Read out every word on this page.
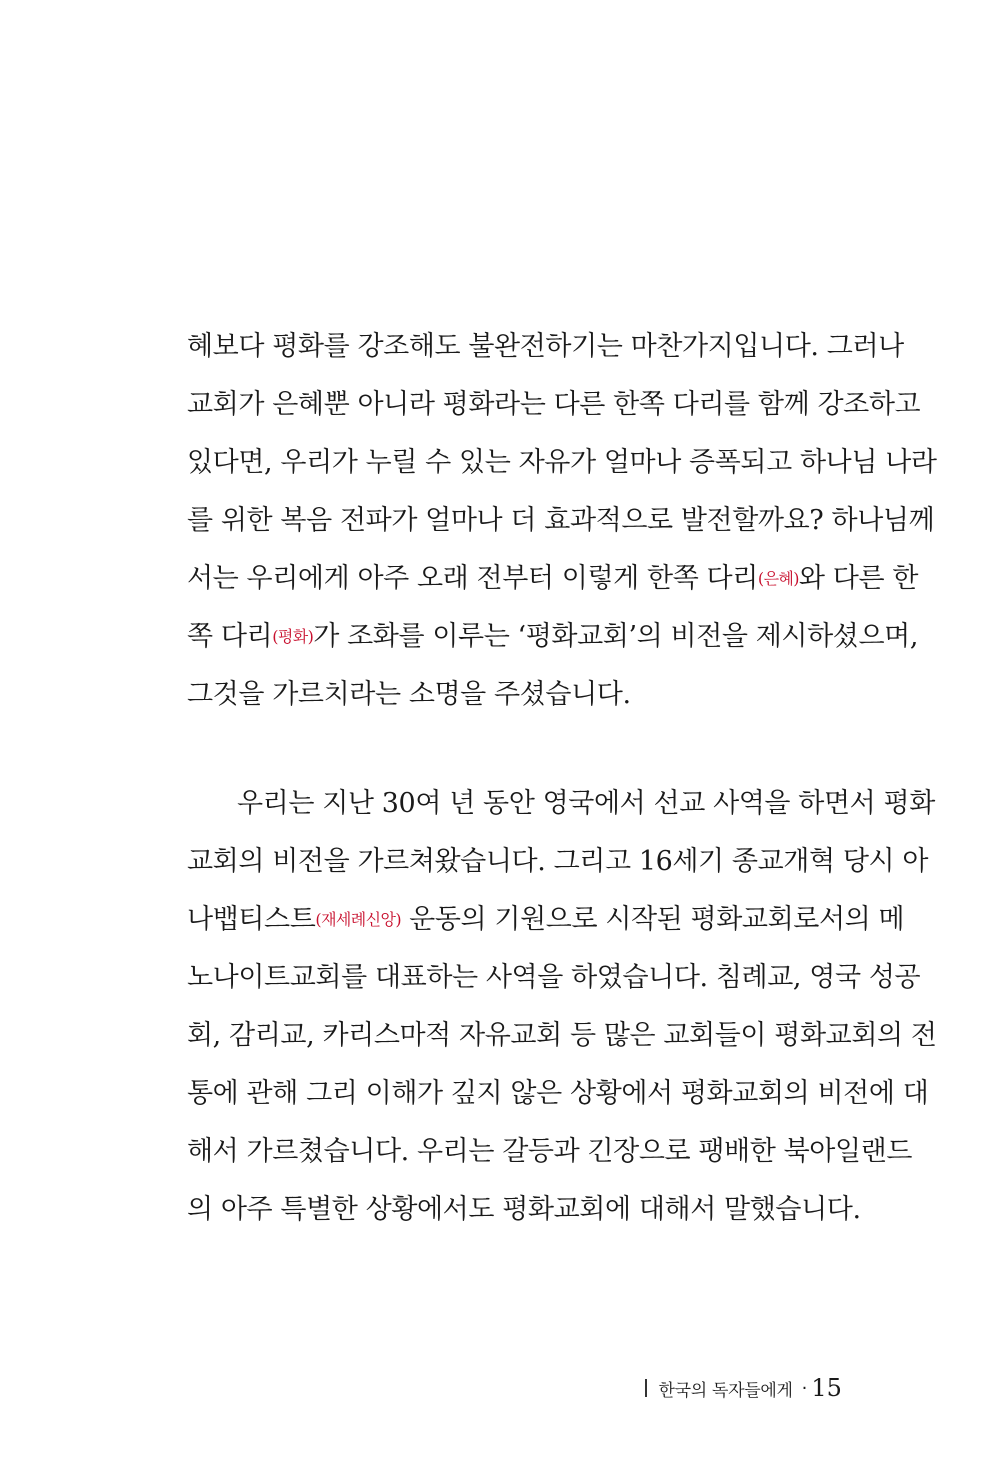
혜보다 평화를 강조해도 불완전하기는 마찬가지입니다. 그러나
교회가 은혜뿐 아니라 평화라는 다른 한쪽 다리를 함께 강조하고
있다면, 우리가 누릴 수 있는 자유가 얼마나 증폭되고 하나님 나라
를 위한 복음 전파가 얼마나 더 효과적으로 발전할까요? 하나님께
서는 우리에게 아주 오래 전부터 이렇게 한쪽 다리(은혜)와 다른 한
쪽 다리(평화)가 조화를 이루는 ‘평화교회’의 비전을 제시하셨으며,
그것을 가르치라는 소명을 주셨습니다.
우리는 지난 30여 년 동안 영국에서 선교 사역을 하면서 평화
교회의 비전을 가르쳐왔습니다. 그리고 16세기 종교개혁 당시 아
나뱁티스트(재세례신앙) 운동의 기원으로 시작된 평화교회로서의 메
노나이트교회를 대표하는 사역을 하였습니다. 침례교, 영국 성공
회, 감리교, 카리스마적 자유교회 등 많은 교회들이 평화교회의 전
통에 관해 그리 이해가 깊지 않은 상황에서 평화교회의 비전에 대
해서 가르쳤습니다. 우리는 갈등과 긴장으로 팽배한 북아일랜드
의 아주 특별한 상황에서도 평화교회에 대해서 말했습니다.
한국의 독자들에게 · 15
